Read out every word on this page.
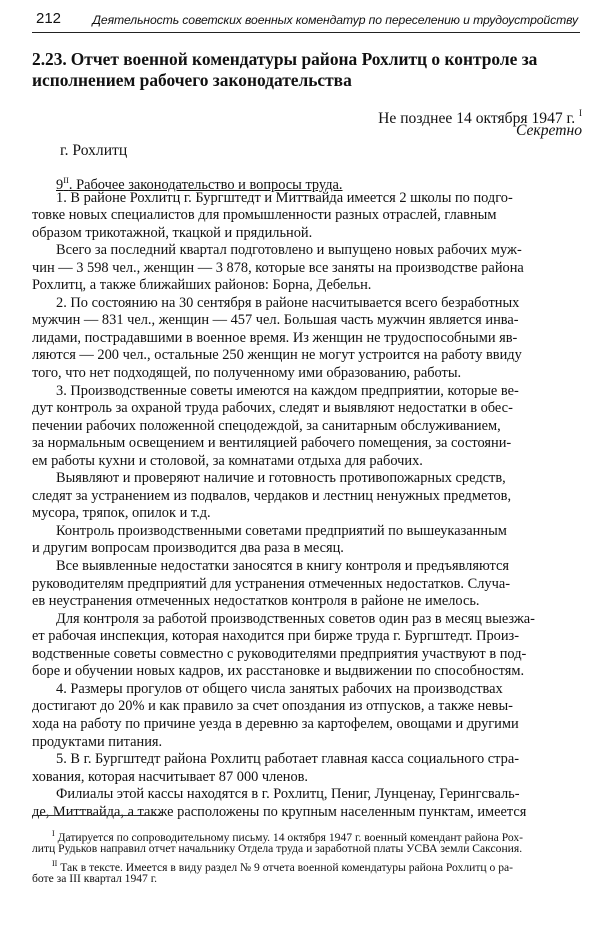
212	Деятельность советских военных комендатур по переселению и трудоустройству
2.23. Отчет военной комендатуры района Рохлитц о контроле за
исполнением рабочего законодательства
Не позднее 14 октября 1947 г. $^I$
Секретно
г. Рохлитц
$9^{II}$. Рабочее законодательство и вопросы труда.
1. В районе Рохлитц г. Бургштедт и Миттвайда имеется 2 школы по подго-
товке новых специалистов для промышленности разных отраслей, главным
образом трикотажной, ткацкой и прядильной.
Всего за последний квартал подготовлено и выпущено новых рабочих муж-
чин — 3 598 чел., женщин — 3 878, которые все заняты на производстве района
Рохлитц, а также ближайших районов: Борна, Дебельн.
2. По состоянию на 30 сентября в районе насчитывается всего безработных
мужчин — 831 чел., женщин — 457 чел. Большая часть мужчин является инва-
лидами, пострадавшими в военное время. Из женщин не трудоспособными яв-
ляются — 200 чел., остальные 250 женщин не могут устроится на работу ввиду
того, что нет подходящей, по полученному ими образованию, работы.
3. Производственные советы имеются на каждом предприятии, которые ве-
дут контроль за охраной труда рабочих, следят и выявляют недостатки в обес-
печении рабочих положенной спецодеждой, за санитарным обслуживанием,
за нормальным освещением и вентиляцией рабочего помещения, за состояни-
ем работы кухни и столовой, за комнатами отдыха для рабочих.
Выявляют и проверяют наличие и готовность противопожарных средств,
следят за устранением из подвалов, чердаков и лестниц ненужных предметов,
мусора, тряпок, опилок и т.д.
Контроль производственными советами предприятий по вышеуказанным
и другим вопросам производится два раза в месяц.
Все выявленные недостатки заносятся в книгу контроля и предъявляются
руководителям предприятий для устранения отмеченных недостатков. Случа-
ев неустранения отмеченных недостатков контроля в районе не имелось.
Для контроля за работой производственных советов один раз в месяц выезжа-
ет рабочая инспекция, которая находится при бирже труда г. Бургштедт. Произ-
водственные советы совместно с руководителями предприятия участвуют в под-
боре и обучении новых кадров, их расстановке и выдвижении по способностям.
4. Размеры прогулов от общего числа занятых рабочих на производствах
достигают до 20% и как правило за счет опоздания из отпусков, а также невы-
хода на работу по причине уезда в деревню за картофелем, овощами и другими
продуктами питания.
5. В г. Бургштедт района Рохлитц работает главная касса социального стра-
хования, которая насчитывает 87 000 членов.
Филиалы этой кассы находятся в г. Рохлитц, Пениг, Лунценау, Герингсваль-
де, Миттвайда, а также расположены по крупным населенным пунктам, имеется
$^I$ Датируется по сопроводительному письму. 14 октября 1947 г. военный комендант района Рох-
литц Рудьков направил отчет начальнику Отдела труда и заработной платы УСВА земли Саксония.
$^{II}$ Так в тексте. Имеется в виду раздел № 9 отчета военной комендатуры района Рохлитц о ра-
боте за III квартал 1947 г.
